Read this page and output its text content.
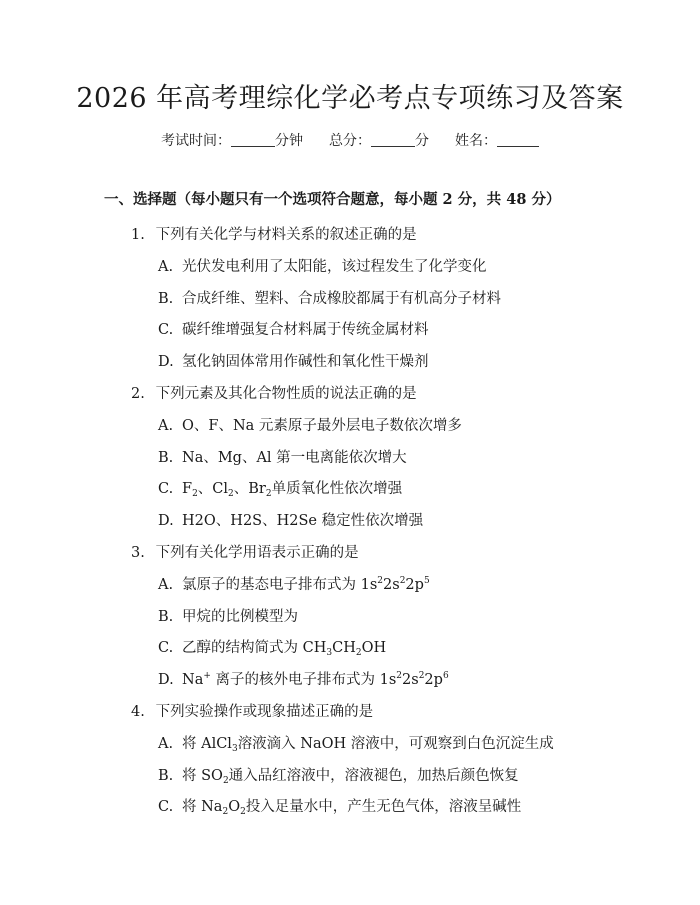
2026 年高考理综化学必考点专项练习及答案
考试时间：	分钟 总分：	分 姓名：
一、选择题（每小题只有一个选项符合题意，每小题 2 分，共 48 分）
1. 下列有关化学与材料关系的叙述正确的是
A. 光伏发电利用了太阳能，该过程发生了化学变化
B. 合成纤维、塑料、合成橡胶都属于有机高分子材料
C. 碳纤维增强复合材料属于传统金属材料
D. 氢化钠固体常用作碱性和氧化性干燥剂
2. 下列元素及其化合物性质的说法正确的是
A. O、F、Na 元素原子最外层电子数依次增多
B. Na、Mg、Al 第一电离能依次增大
C. $F_2$、$Cl_2$、$Br_2$单质氧化性依次增强
D. H2O、H2S、H2Se 稳定性依次增强
3. 下列有关化学用语表示正确的是
A. 氯原子的基态电子排布式为 $1s^22s^22p^5$
B. 甲烷的比例模型为
C. 乙醇的结构简式为 $CH_3CH_2OH$
D. Na+ 离子的核外电子排布式为 $1s^22s^22p^6$
4. 下列实验操作或现象描述正确的是
A. 将 AlCl$_3$溶液滴入 NaOH 溶液中，可观察到白色沉淀生成
B. 将 $SO_2$通入品红溶液中，溶液褪色，加热后颜色恢复
C. 将 $Na_2O_2$投入足量水中，产生无色气体，溶液呈碱性
